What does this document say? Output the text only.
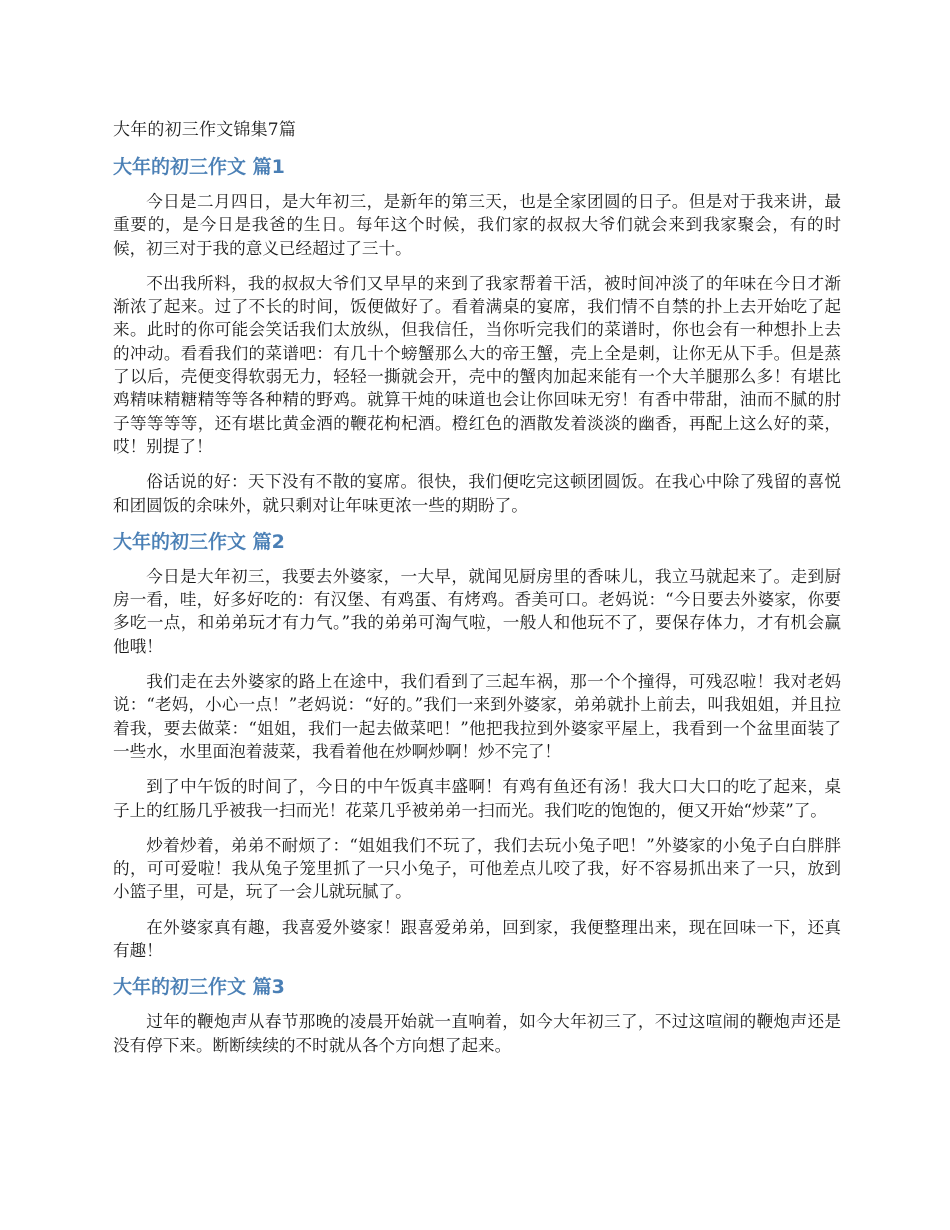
大年的初三作文锦集7篇
大年的初三作文 篇1

今日是二月四日，是大年初三，是新年的第三天，也是全家团圆的日子。但是对于我来讲，最重要的，是今日是我爸的生日。每年这个时候，我们家的叔叔大爷们就会来到我家聚会，有的时候，初三对于我的意义已经超过了三十。

不出我所料，我的叔叔大爷们又早早的来到了我家帮着干活，被时间冲淡了的年味在今日才渐渐浓了起来。过了不长的时间，饭便做好了。看着满桌的宴席，我们情不自禁的扑上去开始吃了起来。此时的你可能会笑话我们太放纵，但我信任，当你听完我们的菜谱时，你也会有一种想扑上去的冲动。看看我们的菜谱吧：有几十个螃蟹那么大的帝王蟹，壳上全是刺，让你无从下手。但是蒸了以后，壳便变得软弱无力，轻轻一撕就会开，壳中的蟹肉加起来能有一个大羊腿那么多！有堪比鸡精味精糖精等等各种精的野鸡。就算干炖的味道也会让你回味无穷！有香中带甜，油而不腻的肘子等等等等，还有堪比黄金酒的鞭花枸杞酒。橙红色的酒散发着淡淡的幽香，再配上这么好的菜，哎！别提了！

俗话说的好：天下没有不散的宴席。很快，我们便吃完这顿团圆饭。在我心中除了残留的喜悦和团圆饭的余味外，就只剩对让年味更浓一些的期盼了。

大年的初三作文 篇2

今日是大年初三，我要去外婆家，一大早，就闻见厨房里的香味儿，我立马就起来了。走到厨房一看，哇，好多好吃的：有汉堡、有鸡蛋、有烤鸡。香美可口。老妈说：“今日要去外婆家，你要多吃一点，和弟弟玩才有力气。”我的弟弟可淘气啦，一般人和他玩不了，要保存体力，才有机会赢他哦！

我们走在去外婆家的路上在途中，我们看到了三起车祸，那一个个撞得，可残忍啦！我对老妈说：“老妈，小心一点！”老妈说：“好的。”我们一来到外婆家，弟弟就扑上前去，叫我姐姐，并且拉着我，要去做菜：“姐姐，我们一起去做菜吧！”他把我拉到外婆家平屋上，我看到一个盆里面装了一些水，水里面泡着菠菜，我看着他在炒啊炒啊！炒不完了！

到了中午饭的时间了，今日的中午饭真丰盛啊！有鸡有鱼还有汤！我大口大口的吃了起来，桌子上的红肠几乎被我一扫而光！花菜几乎被弟弟一扫而光。我们吃的饱饱的，便又开始“炒菜”了。

炒着炒着，弟弟不耐烦了：“姐姐我们不玩了，我们去玩小兔子吧！”外婆家的小兔子白白胖胖的，可可爱啦！我从兔子笼里抓了一只小兔子，可他差点儿咬了我，好不容易抓出来了一只，放到小篮子里，可是，玩了一会儿就玩腻了。

在外婆家真有趣，我喜爱外婆家！跟喜爱弟弟，回到家，我便整理出来，现在回味一下，还真有趣！

大年的初三作文 篇3

过年的鞭炮声从春节那晚的凌晨开始就一直响着，如今大年初三了，不过这喧闹的鞭炮声还是没有停下来。断断续续的不时就从各个方向想了起来。
